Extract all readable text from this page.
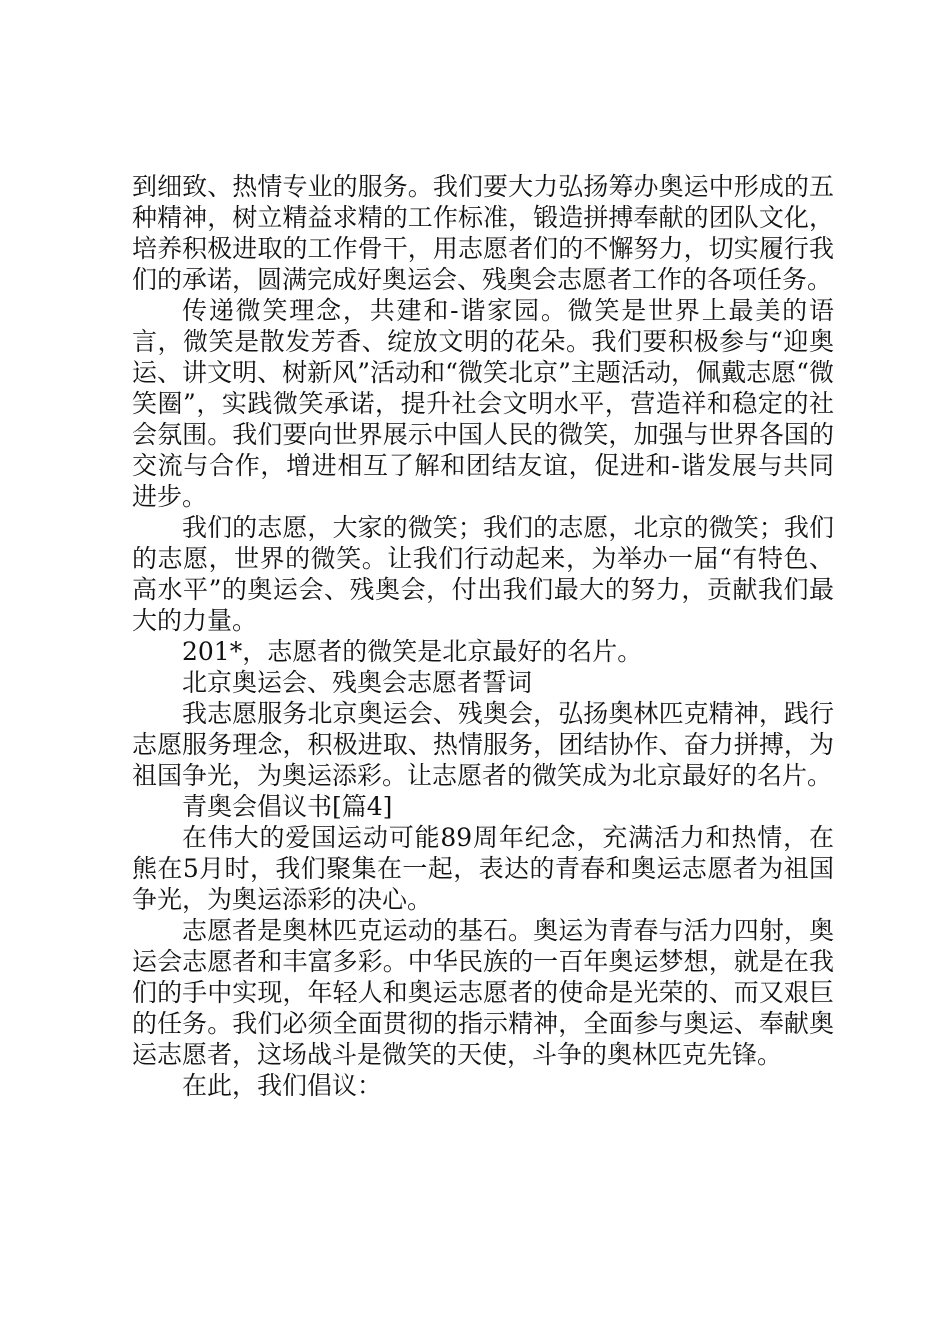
到细致、热情专业的服务。我们要大力弘扬筹办奥运中形成的五种精神，树立精益求精的工作标准，锻造拼搏奉献的团队文化，培养积极进取的工作骨干，用志愿者们的不懈努力，切实履行我们的承诺，圆满完成好奥运会、残奥会志愿者工作的各项任务。

传递微笑理念，共建和-谐家园。微笑是世界上最美的语言，微笑是散发芳香、绽放文明的花朵。我们要积极参与“迎奥运、讲文明、树新风”活动和“微笑北京”主题活动，佩戴志愿“微笑圈”，实践微笑承诺，提升社会文明水平，营造祥和稳定的社会氛围。我们要向世界展示中国人民的微笑，加强与世界各国的交流与合作，增进相互了解和团结友谊，促进和-谐发展与共同进步。

我们的志愿，大家的微笑；我们的志愿，北京的微笑；我们的志愿，世界的微笑。让我们行动起来，为举办一届“有特色、高水平”的奥运会、残奥会，付出我们最大的努力，贡献我们最大的力量。

201*，志愿者的微笑是北京最好的名片。

北京奥运会、残奥会志愿者誓词

我志愿服务北京奥运会、残奥会，弘扬奥林匹克精神，践行志愿服务理念，积极进取、热情服务，团结协作、奋力拼搏，为祖国争光，为奥运添彩。让志愿者的微笑成为北京最好的名片。

青奥会倡议书[篇4]

在伟大的爱国运动可能89周年纪念，充满活力和热情，在熊在5月时，我们聚集在一起，表达的青春和奥运志愿者为祖国争光，为奥运添彩的决心。

志愿者是奥林匹克运动的基石。奥运为青春与活力四射，奥运会志愿者和丰富多彩。中华民族的一百年奥运梦想，就是在我们的手中实现，年轻人和奥运志愿者的使命是光荣的、而又艰巨的任务。我们必须全面贯彻的指示精神，全面参与奥运、奉献奥运志愿者，这场战斗是微笑的天使，斗争的奥林匹克先锋。

在此，我们倡议：
